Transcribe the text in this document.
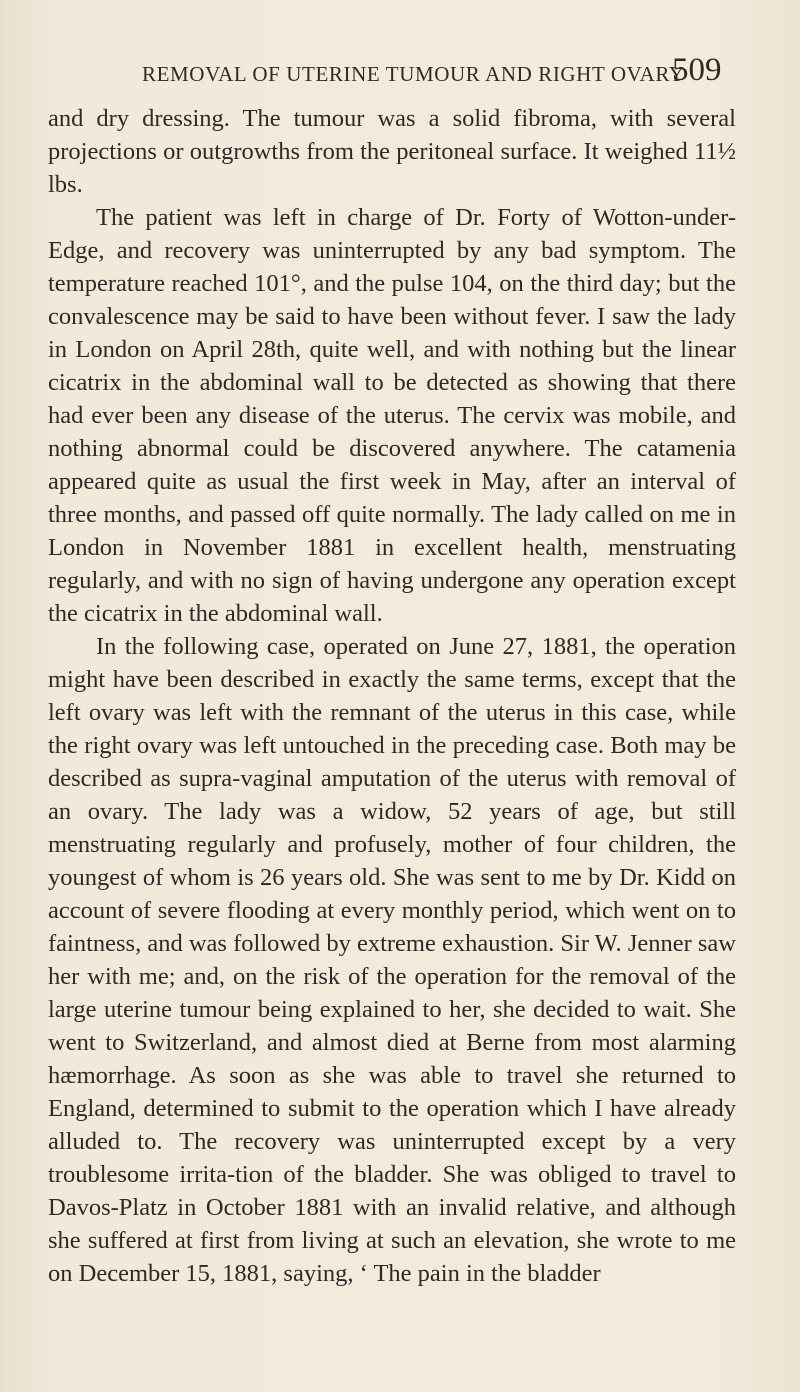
REMOVAL OF UTERINE TUMOUR AND RIGHT OVARY
509

and dry dressing. The tumour was a solid fibroma, with several projections or outgrowths from the peritoneal surface. It weighed 11½ lbs.

The patient was left in charge of Dr. Forty of Wotton-under-Edge, and recovery was uninterrupted by any bad symptom. The temperature reached 101°, and the pulse 104, on the third day; but the convalescence may be said to have been without fever. I saw the lady in London on April 28th, quite well, and with nothing but the linear cicatrix in the abdominal wall to be detected as showing that there had ever been any disease of the uterus. The cervix was mobile, and nothing abnormal could be discovered anywhere. The catamenia appeared quite as usual the first week in May, after an interval of three months, and passed off quite normally. The lady called on me in London in November 1881 in excellent health, menstruating regularly, and with no sign of having undergone any operation except the cicatrix in the abdominal wall.

In the following case, operated on June 27, 1881, the operation might have been described in exactly the same terms, except that the left ovary was left with the remnant of the uterus in this case, while the right ovary was left untouched in the preceding case. Both may be described as supra-vaginal amputation of the uterus with removal of an ovary. The lady was a widow, 52 years of age, but still menstruating regularly and profusely, mother of four children, the youngest of whom is 26 years old. She was sent to me by Dr. Kidd on account of severe flooding at every monthly period, which went on to faintness, and was followed by extreme exhaustion. Sir W. Jenner saw her with me; and, on the risk of the operation for the removal of the large uterine tumour being explained to her, she decided to wait. She went to Switzerland, and almost died at Berne from most alarming hæmorrhage. As soon as she was able to travel she returned to England, determined to submit to the operation which I have already alluded to. The recovery was uninterrupted except by a very troublesome irrita-tion of the bladder. She was obliged to travel to Davos-Platz in October 1881 with an invalid relative, and although she suffered at first from living at such an elevation, she wrote to me on December 15, 1881, saying, ‘ The pain in the bladder
